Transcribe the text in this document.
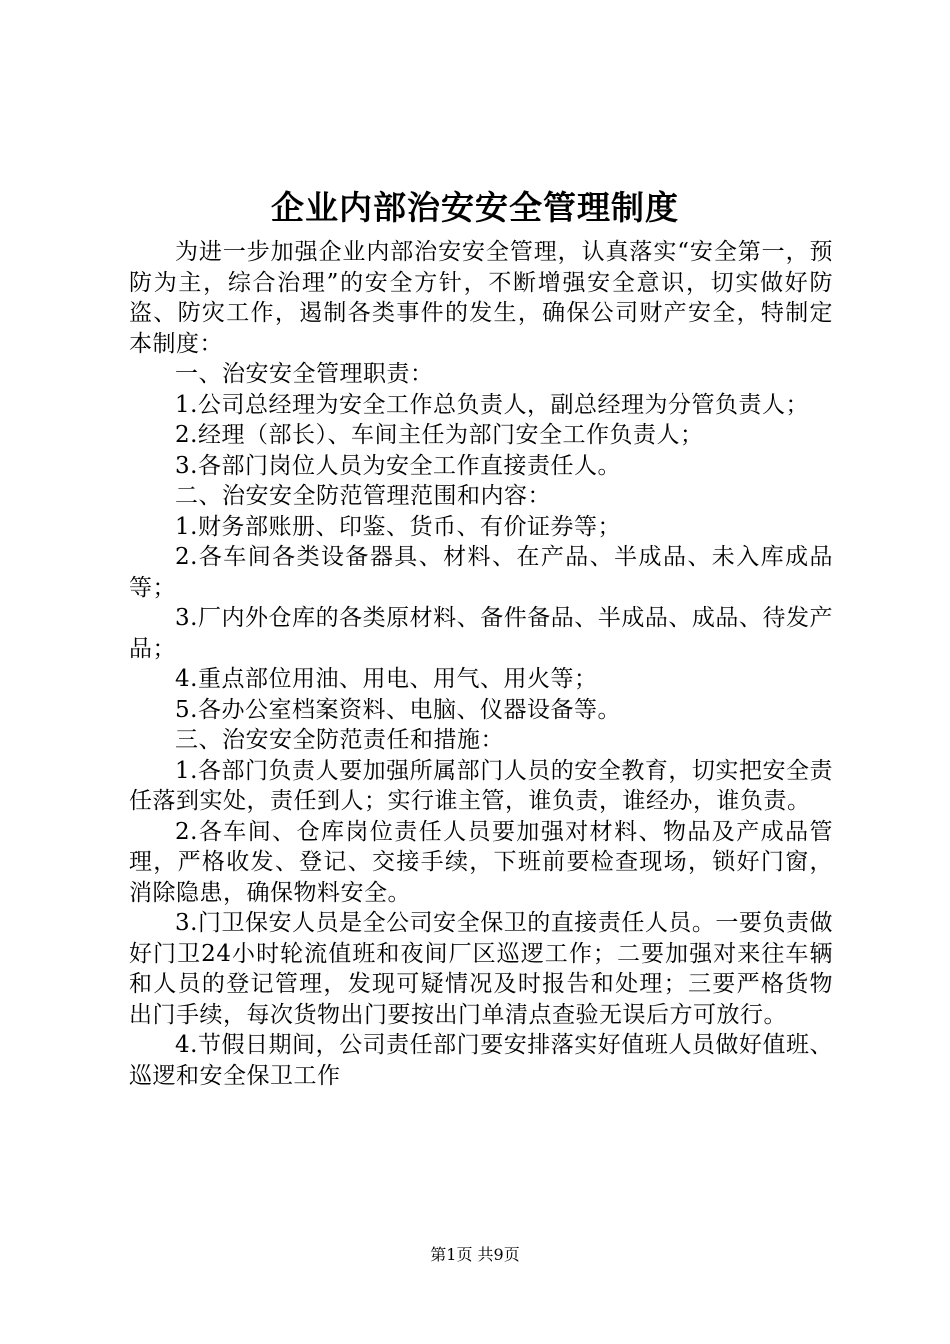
企业内部治安安全管理制度

为进一步加强企业内部治安安全管理，认真落实“安全第一，预防为主，综合治理”的安全方针，不断增强安全意识，切实做好防盗、防灾工作，遏制各类事件的发生，确保公司财产安全，特制定本制度：

一、治安安全管理职责：

1.公司总经理为安全工作总负责人，副总经理为分管负责人；

2.经理（部长）、车间主任为部门安全工作负责人；

3.各部门岗位人员为安全工作直接责任人。

二、治安安全防范管理范围和内容：

1.财务部账册、印鉴、货币、有价证券等；

2.各车间各类设备器具、材料、在产品、半成品、未入库成品等；

3.厂内外仓库的各类原材料、备件备品、半成品、成品、待发产品；

4.重点部位用油、用电、用气、用火等；

5.各办公室档案资料、电脑、仪器设备等。

三、治安安全防范责任和措施：

1.各部门负责人要加强所属部门人员的安全教育，切实把安全责任落到实处，责任到人；实行谁主管，谁负责，谁经办，谁负责。

2.各车间、仓库岗位责任人员要加强对材料、物品及产成品管理，严格收发、登记、交接手续，下班前要检查现场，锁好门窗，消除隐患，确保物料安全。

3.门卫保安人员是全公司安全保卫的直接责任人员。一要负责做好门卫24小时轮流值班和夜间厂区巡逻工作；二要加强对来往车辆和人员的登记管理，发现可疑情况及时报告和处理；三要严格货物出门手续，每次货物出门要按出门单清点查验无误后方可放行。

4.节假日期间，公司责任部门要安排落实好值班人员做好值班、巡逻和安全保卫工作

第1页 共9页
